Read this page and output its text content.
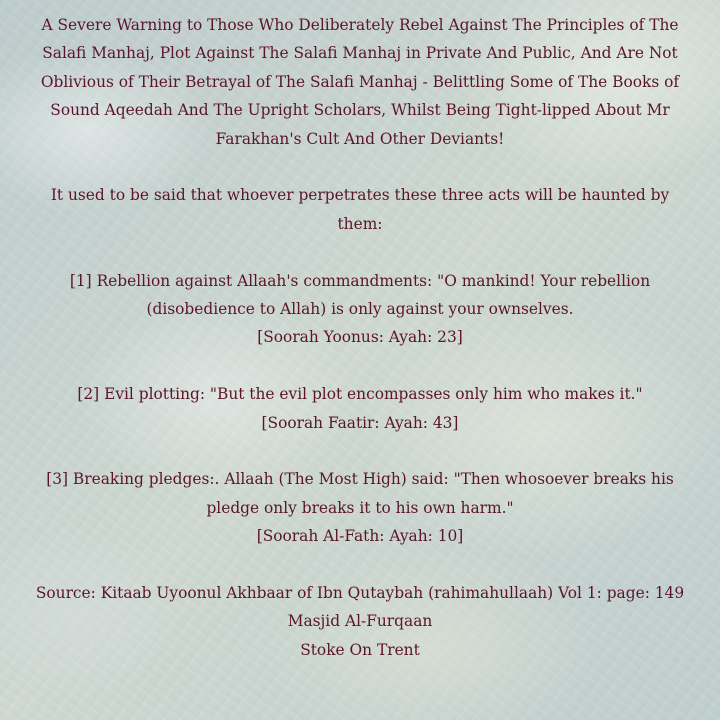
A Severe Warning to Those Who Deliberately Rebel Against The Principles of The
Salafi Manhaj, Plot Against The Salafi Manhaj in Private And Public, And Are Not
Oblivious of Their Betrayal of The Salafi Manhaj - Belittling Some of The Books of
Sound Aqeedah And The Upright Scholars, Whilst Being Tight-lipped About Mr
Farakhan's Cult And Other Deviants!

It used to be said that whoever perpetrates these three acts will be haunted by
them:

[1] Rebellion against Allaah's commandments: "O mankind! Your rebellion
(disobedience to Allah) is only against your ownselves.
[Soorah Yoonus: Ayah: 23]

[2] Evil plotting: "But the evil plot encompasses only him who makes it."
[Soorah Faatir: Ayah: 43]

[3] Breaking pledges:. Allaah (The Most High) said: "Then whosoever breaks his
pledge only breaks it to his own harm."
[Soorah Al-Fath: Ayah: 10]

Source: Kitaab Uyoonul Akhbaar of Ibn Qutaybah (rahimahullaah) Vol 1: page: 149
Masjid Al-Furqaan
Stoke On Trent
